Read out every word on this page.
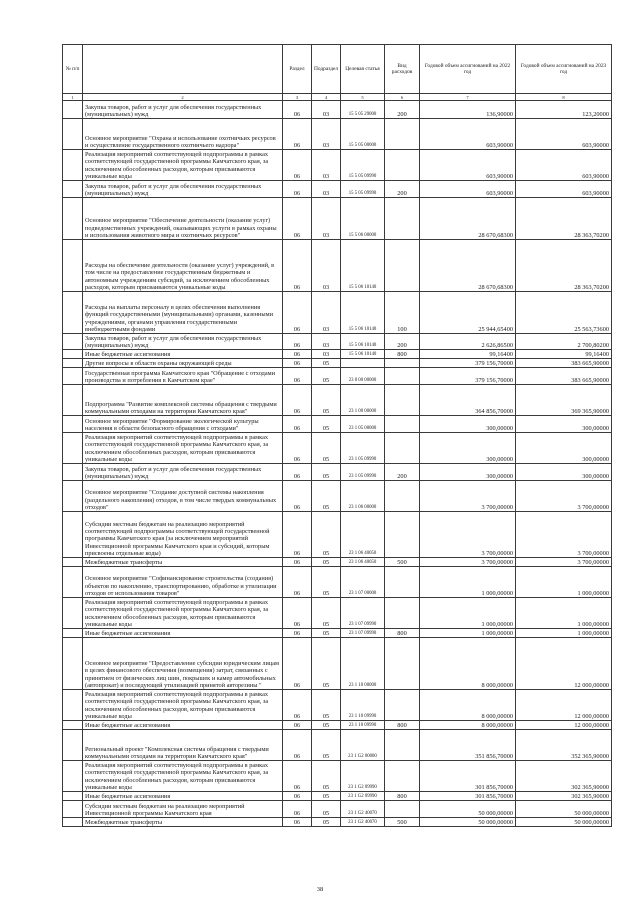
№ п/п		Раздел	Подраздел	Целевая статья	Вид расходов	Годовой объем ассигнований на 2022 год	Годовой объем ассигнований на 2023 год
1	2	3	4	5	6	7	8
	Закупка товаров, работ и услуг для обеспечения государственных (муниципальных) нужд	06	03	15 5 05 29000	200	136,90000	123,20000
	Основное мероприятие "Охрана и использование охотничьих ресурсов и осуществление государственного охотничьего надзора"	06	03	15 5 05 00000		603,90000	603,90000
	Реализация мероприятий соответствующей подпрограммы в рамках соответствующей государственной программы Камчатского края, за исключением обособленных расходов, которым присваиваются уникальные коды	06	03	15 5 05 09990		603,90000	603,90000
	Закупка товаров, работ и услуг для обеспечения государственных (муниципальных) нужд	06	03	15 5 05 09990	200	603,90000	603,90000
	Основное мероприятие "Обеспечение деятельности (оказание услуг) подведомственных учреждений, оказывающих услуги в рамках охраны и использования животного мира и охотничьих ресурсов"	06	03	15 5 06 00000		28 670,68300	28 363,70200
	Расходы на обеспечение деятельности (оказание услуг) учреждений, в том числе на предоставление государственным бюджетным и автономным учреждениям субсидий, за исключением обособленных расходов, которым присваиваются уникальные коды	06	03	15 5 06 10140		28 670,68300	28 363,70200
	Расходы на выплаты персоналу в целях обеспечения выполнения функций государственными (муниципальными) органами, казенными учреждениями, органами управления государственными внебюджетными фондами	06	03	15 5 06 10140	100	25 944,65400	25 563,73600
	Закупка товаров, работ и услуг для обеспечения государственных (муниципальных) нужд	06	03	15 5 06 10140	200	2 626,86500	2 700,80200
	Иные бюджетные ассигнования	06	03	15 5 06 10140	800	99,16400	99,16400
	Другие вопросы в области охраны окружающей среды	06	05			379 156,70000	383 665,90000
	Государственная программа Камчатского края "Обращение с отходами производства и потребления в Камчатском крае"	06	05	23 0 00 00000		379 156,70000	383 665,90000
	Подпрограмма "Развитие комплексной системы обращения с твердыми коммунальными отходами на территории Камчатского края"	06	05	23 1 00 00000		364 856,70000	369 365,90000
	Основное мероприятие "Формирование экологической культуры населения в области безопасного обращения с отходами"	06	05	23 1 05 00000		300,00000	300,00000
	Реализация мероприятий соответствующей подпрограммы в рамках соответствующей государственной программы Камчатского края, за исключением обособленных расходов, которым присваиваются уникальные коды	06	05	23 1 05 09990		300,00000	300,00000
	Закупка товаров, работ и услуг для обеспечения государственных (муниципальных) нужд	06	05	23 1 05 09990	200	300,00000	300,00000
	Основное мероприятие "Создание доступной системы накопления (раздельного накопления) отходов, в том числе твердых коммунальных отходов"	06	05	23 1 06 00000		3 700,00000	3 700,00000
	Субсидии местным бюджетам на реализацию мероприятий соответствующей подпрограммы соответствующей государственной программы Камчатского края (за исключением мероприятий Инвестиционной программы Камчатского края и субсидий, которым присвоены отдельные коды)	06	05	23 1 06 40050		3 700,00000	3 700,00000
	Межбюджетные трансферты	06	05	23 1 06 40050	500	3 700,00000	3 700,00000
	Основное мероприятие "Софинансирование строительства (создания) объектов по накоплению, транспортированию, обработке и утилизации отходов от использования товаров"	06	05	23 1 07 00000		1 000,00000	1 000,00000
	Реализация мероприятий соответствующей подпрограммы в рамках соответствующей государственной программы Камчатского края, за исключением обособленных расходов, которым присваиваются уникальные коды	06	05	23 1 07 09990		1 000,00000	1 000,00000
	Иные бюджетные ассигнования	06	05	23 1 07 09990	800	1 000,00000	1 000,00000
	Основное мероприятие "Предоставление субсидии юридическим лицам в целях финансового обеспечения (возмещения) затрат, связанных с принятием от физических лиц шин, покрышек и камер автомобильных (автопрокат) и последующей утилизацией принятой авторезины "	06	05	23 1 10 00000		8 000,00000	12 000,00000
	Реализация мероприятий соответствующей подпрограммы в рамках соответствующей государственной программы Камчатского края, за исключением обособленных расходов, которым присваиваются уникальные коды	06	05	23 1 10 09990		8 000,00000	12 000,00000
	Иные бюджетные ассигнования	06	05	23 1 10 09990	800	8 000,00000	12 000,00000
	Региональный проект "Комплексная система обращения с твердыми коммунальными отходами на территории Камчатского края"	06	05	23 1 G2 00000		351 856,70000	352 365,90000
	Реализация мероприятий соответствующей подпрограммы в рамках соответствующей государственной программы Камчатского края, за исключением обособленных расходов, которым присваиваются уникальные коды	06	05	23 1 G2 09990		301 856,70000	302 365,90000
	Иные бюджетные ассигнования	06	05	23 1 G2 09990	800	301 856,70000	302 365,90000
	Субсидии местным бюджетам на реализацию мероприятий Инвестиционной программы Камчатского края	06	05	23 1 G2 40070		50 000,00000	50 000,00000
	Межбюджетные трансферты	06	05	23 1 G2 40070	500	50 000,00000	50 000,00000
38
